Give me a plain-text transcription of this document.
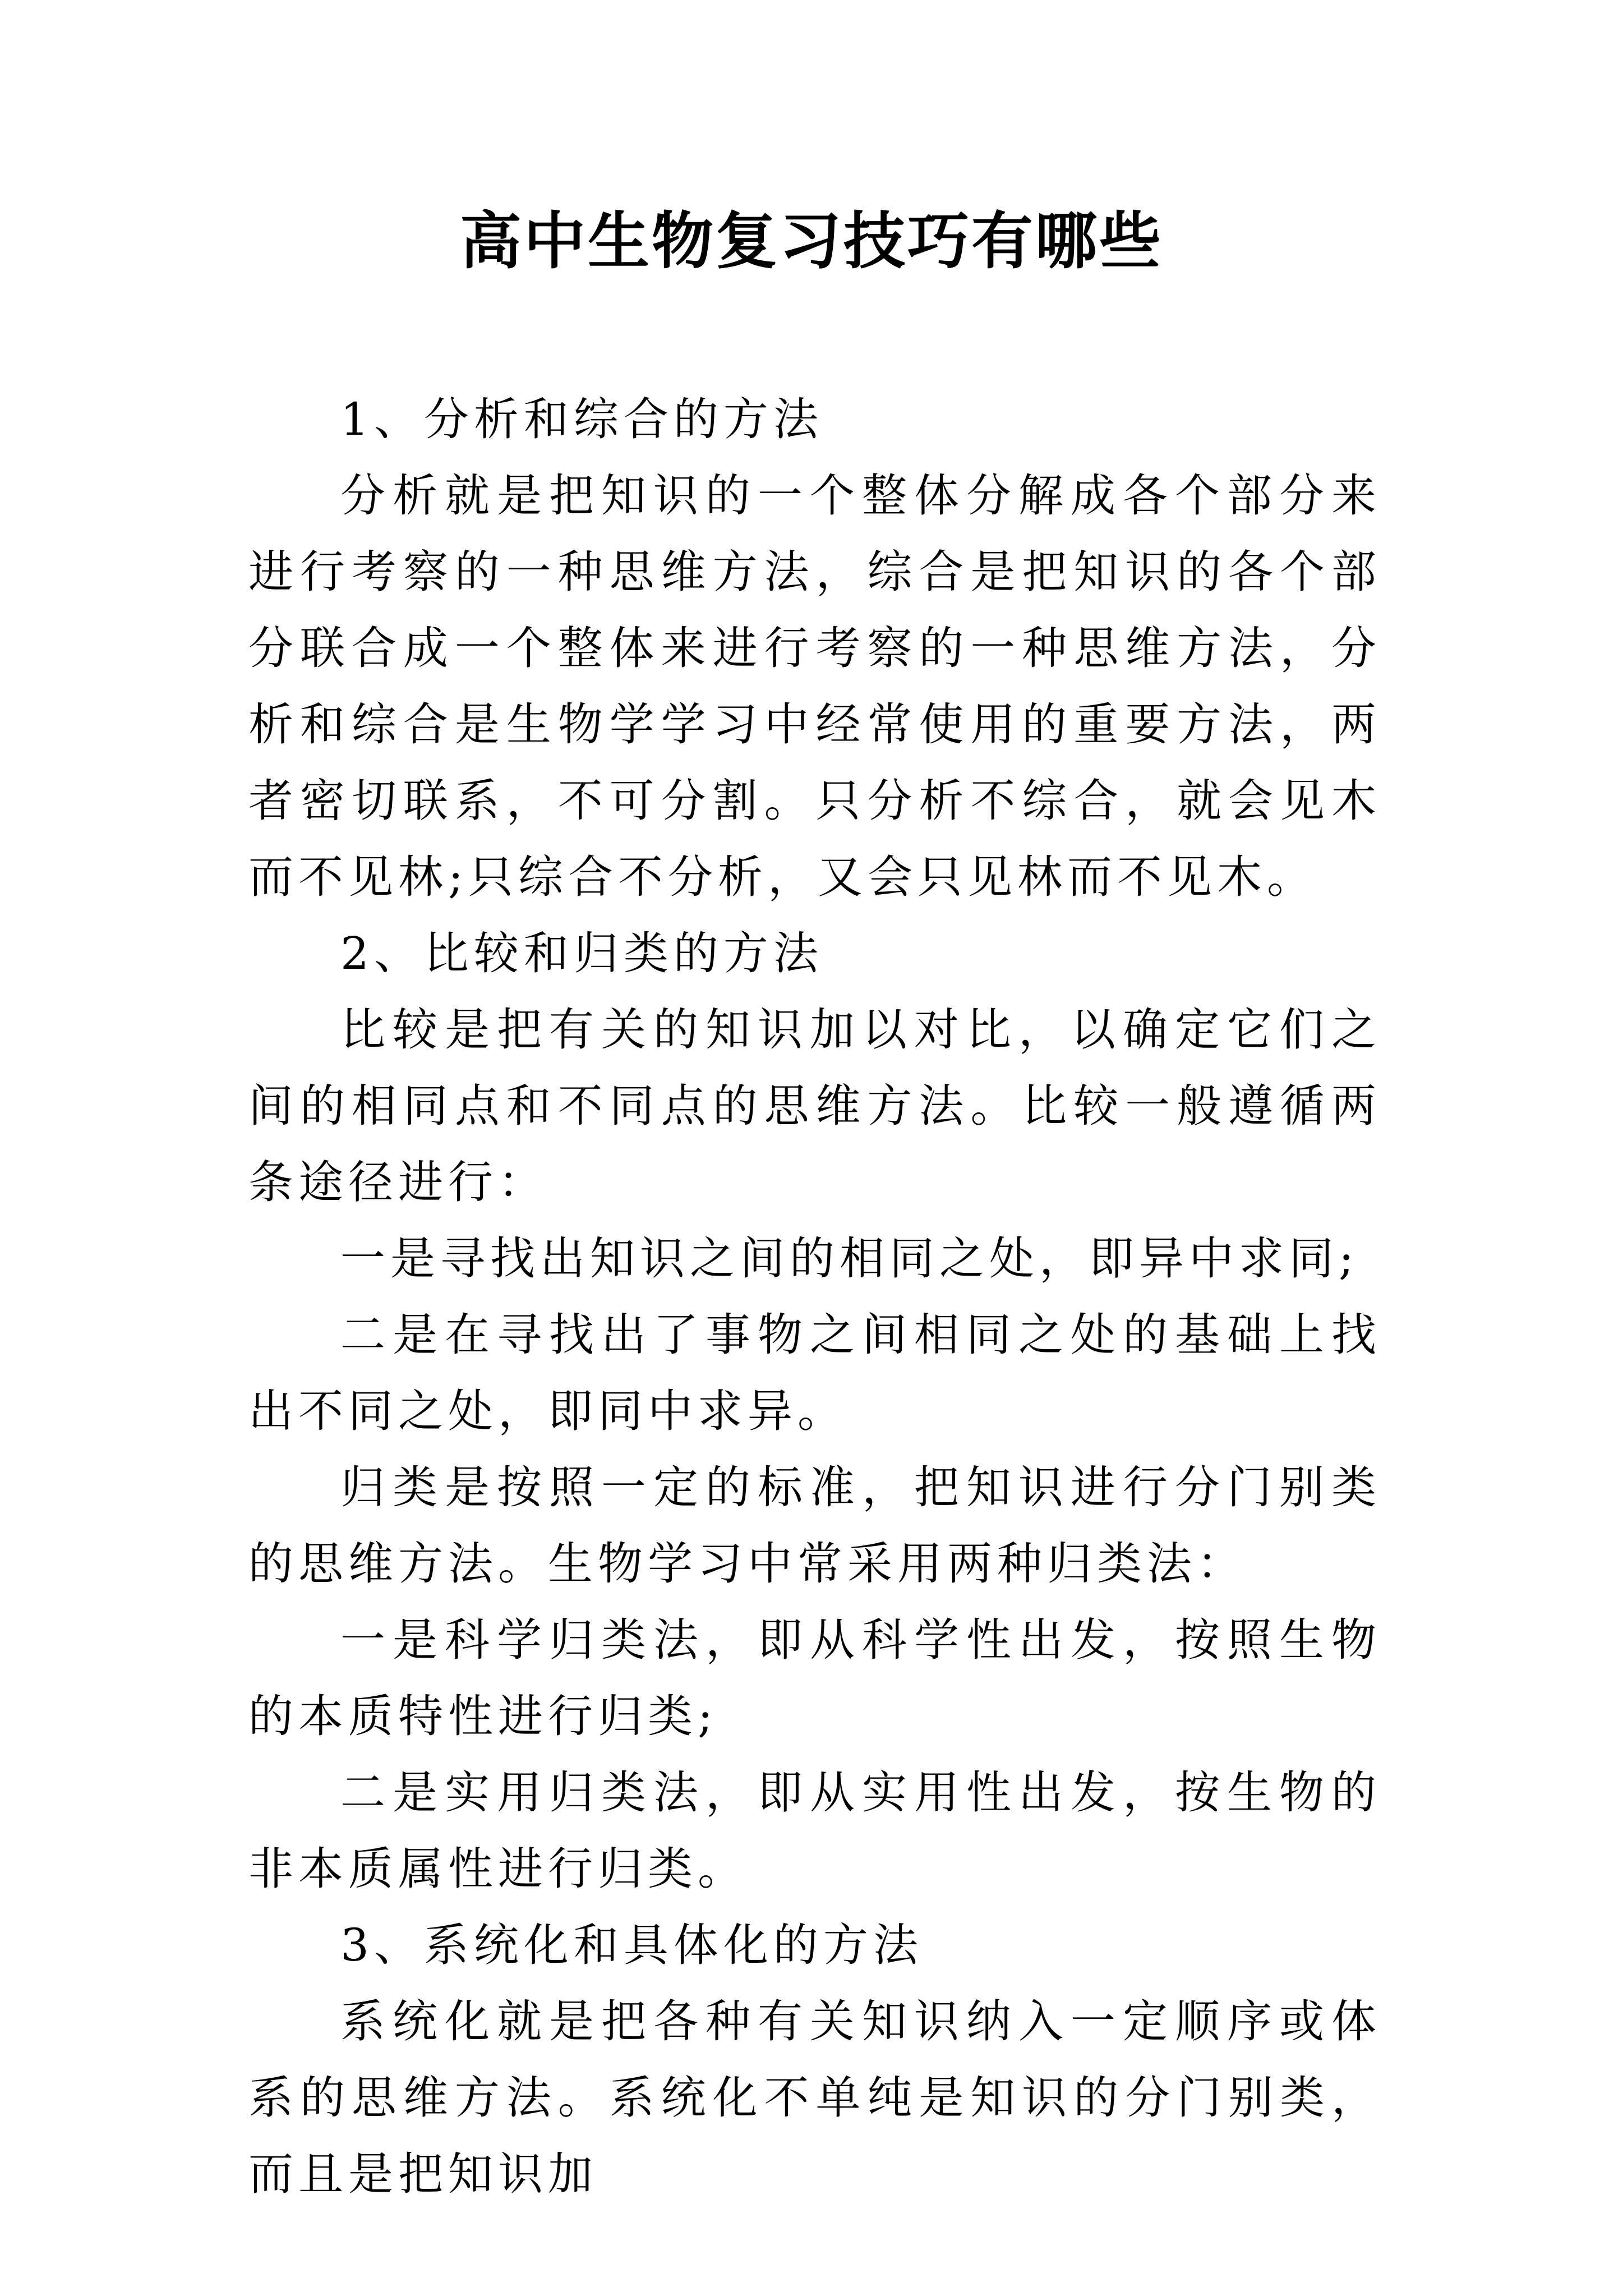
高中生物复习技巧有哪些

1、分析和综合的方法

分析就是把知识的一个整体分解成各个部分来进行考察的一种思维方法，综合是把知识的各个部分联合成一个整体来进行考察的一种思维方法，分析和综合是生物学学习中经常使用的重要方法，两者密切联系，不可分割。只分析不综合，就会见木而不见林;只综合不分析，又会只见林而不见木。

2、比较和归类的方法

比较是把有关的知识加以对比，以确定它们之间的相同点和不同点的思维方法。比较一般遵循两条途径进行：

一是寻找出知识之间的相同之处，即异中求同;

二是在寻找出了事物之间相同之处的基础上找出不同之处，即同中求异。

归类是按照一定的标准，把知识进行分门别类的思维方法。生物学习中常采用两种归类法：

一是科学归类法，即从科学性出发，按照生物的本质特性进行归类;

二是实用归类法，即从实用性出发，按生物的非本质属性进行归类。

3、系统化和具体化的方法

系统化就是把各种有关知识纳入一定顺序或体系的思维方法。系统化不单纯是知识的分门别类，而且是把知识加
